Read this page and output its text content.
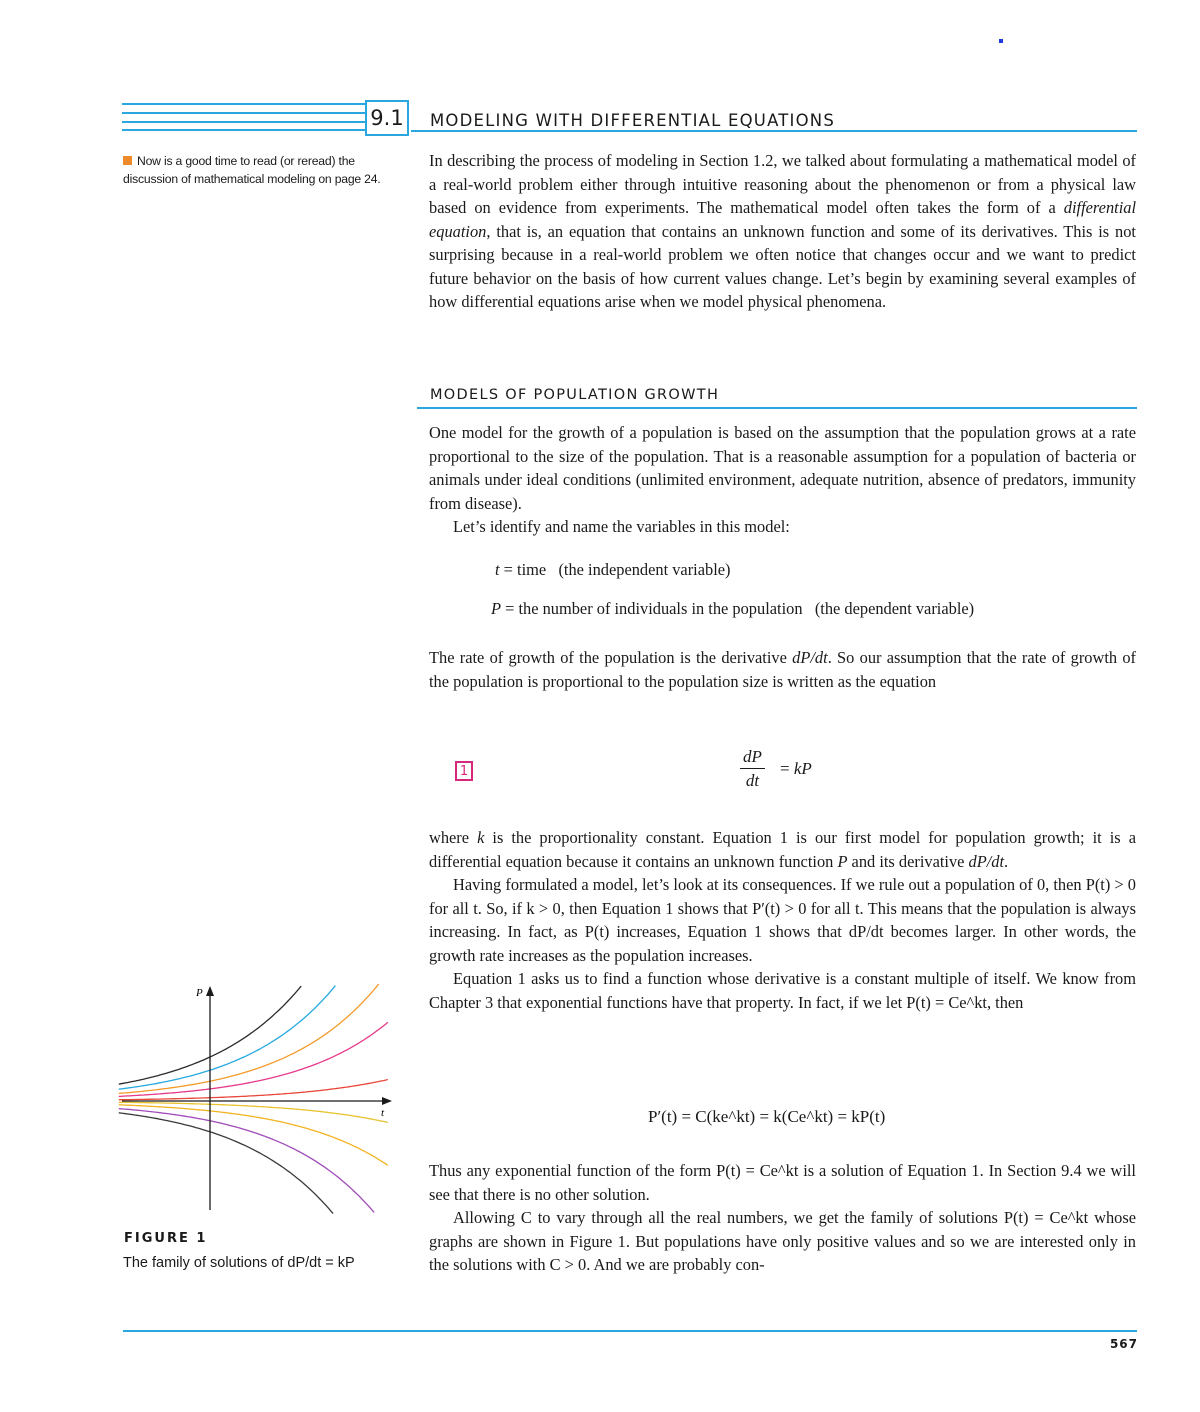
9.1	MODELING WITH DIFFERENTIAL EQUATIONS
Now is a good time to read (or reread) the discussion of mathematical modeling on page 24.

In describing the process of modeling in Section 1.2, we talked about formulating a mathematical model of a real-world problem either through intuitive reasoning about the phenomenon or from a physical law based on evidence from experiments. The mathematical model often takes the form of a differential equation, that is, an equation that contains an unknown function and some of its derivatives. This is not surprising because in a real-world problem we often notice that changes occur and we want to predict future behavior on the basis of how current values change. Let’s begin by examining several examples of how differential equations arise when we model physical phenomena.

MODELS OF POPULATION GROWTH

One model for the growth of a population is based on the assumption that the population grows at a rate proportional to the size of the population. That is a reasonable assumption for a population of bacteria or animals under ideal conditions (unlimited environment, adequate nutrition, absence of predators, immunity from disease).

Let’s identify and name the variables in this model:

t = time (the independent variable)
P = the number of individuals in the population (the dependent variable)

The rate of growth of the population is the derivative dP/dt. So our assumption that the rate of growth of the population is proportional to the population size is written as the equation

1	$\frac{dP}{dt}$ = kP

where k is the proportionality constant. Equation 1 is our first model for population growth; it is a differential equation because it contains an unknown function P and its derivative dP/dt.

Having formulated a model, let’s look at its consequences. If we rule out a population of 0, then P(t) > 0 for all t. So, if k > 0, then Equation 1 shows that P′(t) > 0 for all t. This means that the population is always increasing. In fact, as P(t) increases, Equation 1 shows that dP/dt becomes larger. In other words, the growth rate increases as the population increases.

Equation 1 asks us to find a function whose derivative is a constant multiple of itself. We know from Chapter 3 that exponential functions have that property. In fact, if we let P(t) = Ce^kt, then

P′(t) = C(ke^kt) = k(Ce^kt) = kP(t)

Thus any exponential function of the form P(t) = Ce^kt is a solution of Equation 1. In Section 9.4 we will see that there is no other solution.

Allowing C to vary through all the real numbers, we get the family of solutions P(t) = Ce^kt whose graphs are shown in Figure 1. But populations have only positive values and so we are interested only in the solutions with C > 0. And we are probably con-

P
t
FIGURE 1
The family of solutions of dP/dt = kP
567
